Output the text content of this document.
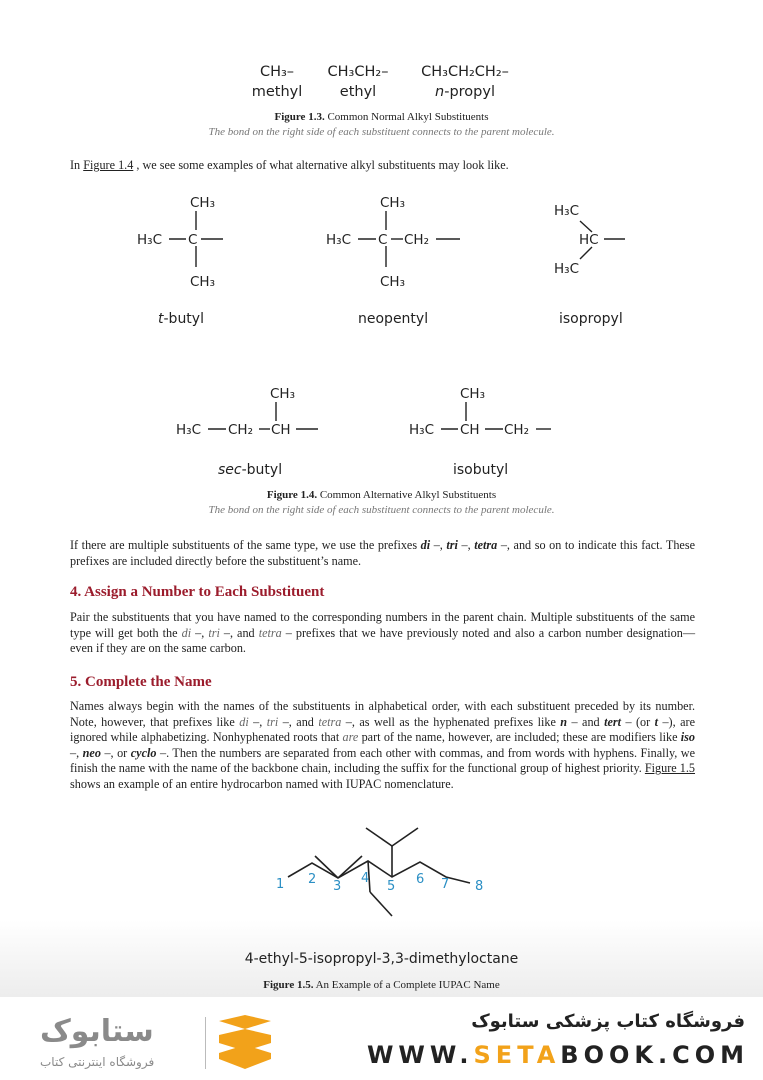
CH₃–
methyl
CH₃CH₂–
ethyl
CH₃CH₂CH₂–
n-propyl
Figure 1.3. Common Normal Alkyl Substituents
The bond on the right side of each substituent connects to the parent molecule.
In Figure 1.4 , we see some examples of what alternative alkyl substituents may look like.
CH₃
H₃C C
CH₃
t-butyl
CH₃
H₃C C CH₂
CH₃
neopentyl
H₃C
HC
H₃C
isopropyl
CH₃
H₃C CH₂ CH
sec-butyl
CH₃
H₃C CH CH₂
isobutyl
Figure 1.4. Common Alternative Alkyl Substituents
The bond on the right side of each substituent connects to the parent molecule.
If there are multiple substituents of the same type, we use the prefixes di –, tri –, tetra –, and so on to indicate this fact. These prefixes are included directly before the substituent’s name.
4. Assign a Number to Each Substituent
Pair the substituents that you have named to the corresponding numbers in the parent chain. Multiple substituents of the same type will get both the di –, tri –, and tetra – prefixes that we have previously noted and also a carbon number designation—even if they are on the same carbon.
5. Complete the Name
Names always begin with the names of the substituents in alphabetical order, with each substituent preceded by its number. Note, however, that prefixes like di –, tri –, and tetra –, as well as the hyphenated prefixes like n – and tert – (or t –), are ignored while alphabetizing. Nonhyphenated roots that are part of the name, however, are included; these are modifiers like iso –, neo –, or cyclo –. Then the numbers are separated from each other with commas, and from words with hyphens. Finally, we finish the name with the name of the backbone chain, including the suffix for the functional group of highest priority. Figure 1.5 shows an example of an entire hydrocarbon named with IUPAC nomenclature.
1 2 3
4
5 6 7 8
4-ethyl-5-isopropyl-3,3-dimethyloctane
Figure 1.5. An Example of a Complete IUPAC Name
ستابوک
فروشگاه اینترنتی کتاب
فروشگاه کتاب پزشکی ستابوک
WWW.SETABOOK.COM
